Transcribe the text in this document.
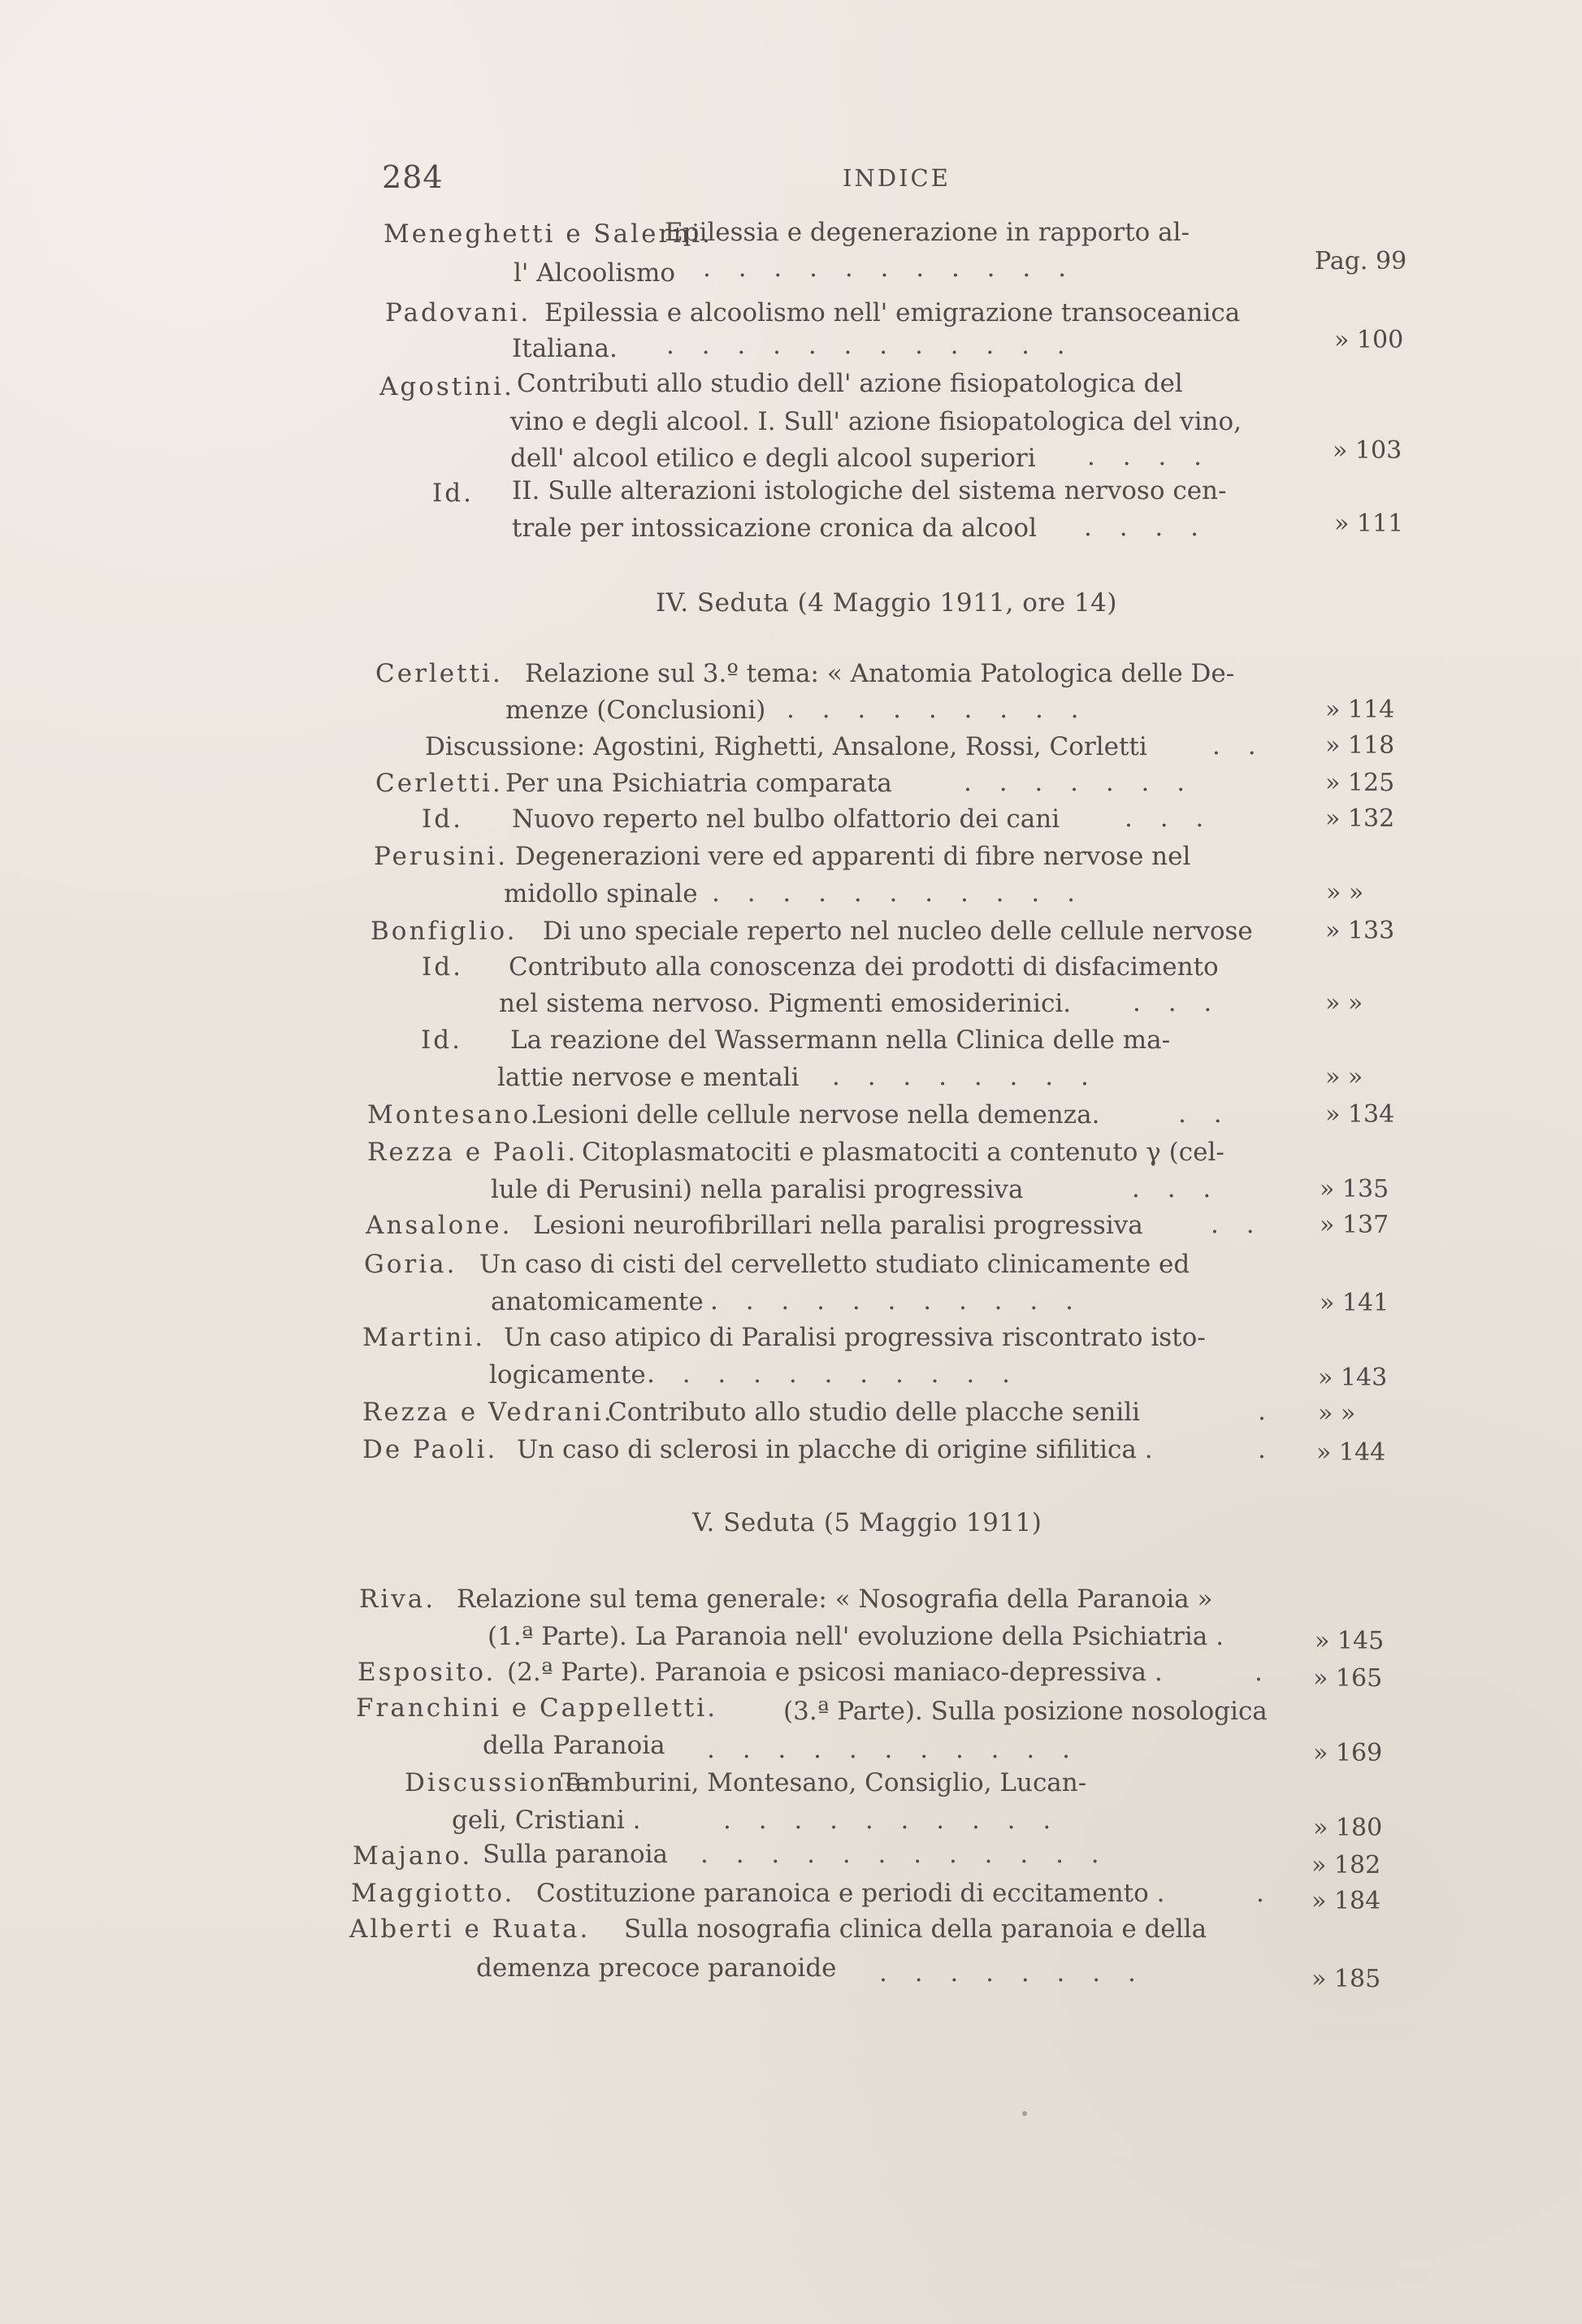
284	INDICE
Meneghetti e Salerni.
Epilessia e degenerazione in rapporto al-
l' Alcoolismo . . . . . . . . . . .	Pag. 99
Padovani. Epilessia e alcoolismo nell' emigrazione transoceanica
Italiana. . . . . . . . . . . . .	» 100
Agostini. Contributi allo studio dell' azione fisiopatologica del
vino e degli alcool. I. Sull' azione fisiopatologica del vino,
dell' alcool etilico e degli alcool superiori . . . .	» 103
Id. II. Sulle alterazioni istologiche del sistema nervoso cen-
trale per intossicazione cronica da alcool . . . .	» 111
IV. Seduta (4 Maggio 1911, ore 14)
Cerletti. Relazione sul 3.º tema: « Anatomia Patologica delle De-
menze (Conclusioni) . . . . . . . . .	» 114
Discussione: Agostini, Righetti, Ansalone, Rossi, Corletti	. . » 118
Cerletti. Per una Psichiatria comparata	. . . . . . .	» 125
Id. Nuovo reperto nel bulbo olfattorio dei cani	. . .	» 132
Perusini. Degenerazioni vere ed apparenti di fibre nervose nel
midollo spinale . . . . . . . . . . .	» »
Bonfiglio. Di uno speciale reperto nel nucleo delle cellule nervose	» 133
Id. Contributo alla conoscenza dei prodotti di disfacimento
nel sistema nervoso. Pigmenti emosiderinici. . . .	» »
Id. La reazione del Wassermann nella Clinica delle ma-
lattie nervose e mentali . . . . . . . .	» »
Montesano.
Lesioni delle cellule nervose nella demenza.	. .	» 134
Rezza e Paoli. Citoplasmatociti e plasmatociti a contenuto γ (cel-
lule di Perusini) nella paralisi progressiva	. . .	» 135
Ansalone. Lesioni neurofibrillari nella paralisi progressiva	. . » 137
Goria. Un caso di cisti del cervelletto studiato clinicamente ed
anatomicamente . . . . . . . . . . .	» 141
Martini. Un caso atipico di Paralisi progressiva riscontrato isto-
logicamente . . . . . . . . . . .	» 143
Rezza e Vedrani.
Contributo allo studio delle placche senili	. » »
De Paoli. Un caso di sclerosi in placche di origine sifilitica .	. » 144
V. Seduta (5 Maggio 1911)
Riva. Relazione sul tema generale: « Nosografia della Paranoia »
(1.ª Parte). La Paranoia nell' evoluzione della Psichiatria .	» 145
Esposito. (2.ª Parte). Paranoia e psicosi maniaco-depressiva .	. » 165
Franchini e Cappelletti.	(3.ª Parte). Sulla posizione nosologica
della Paranoia . . . . . . . . . . .	» 169
Discussione:
Tamburini, Montesano, Consiglio, Lucan-
geli, Cristiani .	. . . . . . . . . .	» 180
Majano. Sulla paranoia . . . . . . . . . . . .	» 182
Maggiotto. Costituzione paranoica e periodi di eccitamento .	. » 184
Alberti e Ruata. Sulla nosografia clinica della paranoia e della
demenza precoce paranoide . . . . . . . .	» 185
